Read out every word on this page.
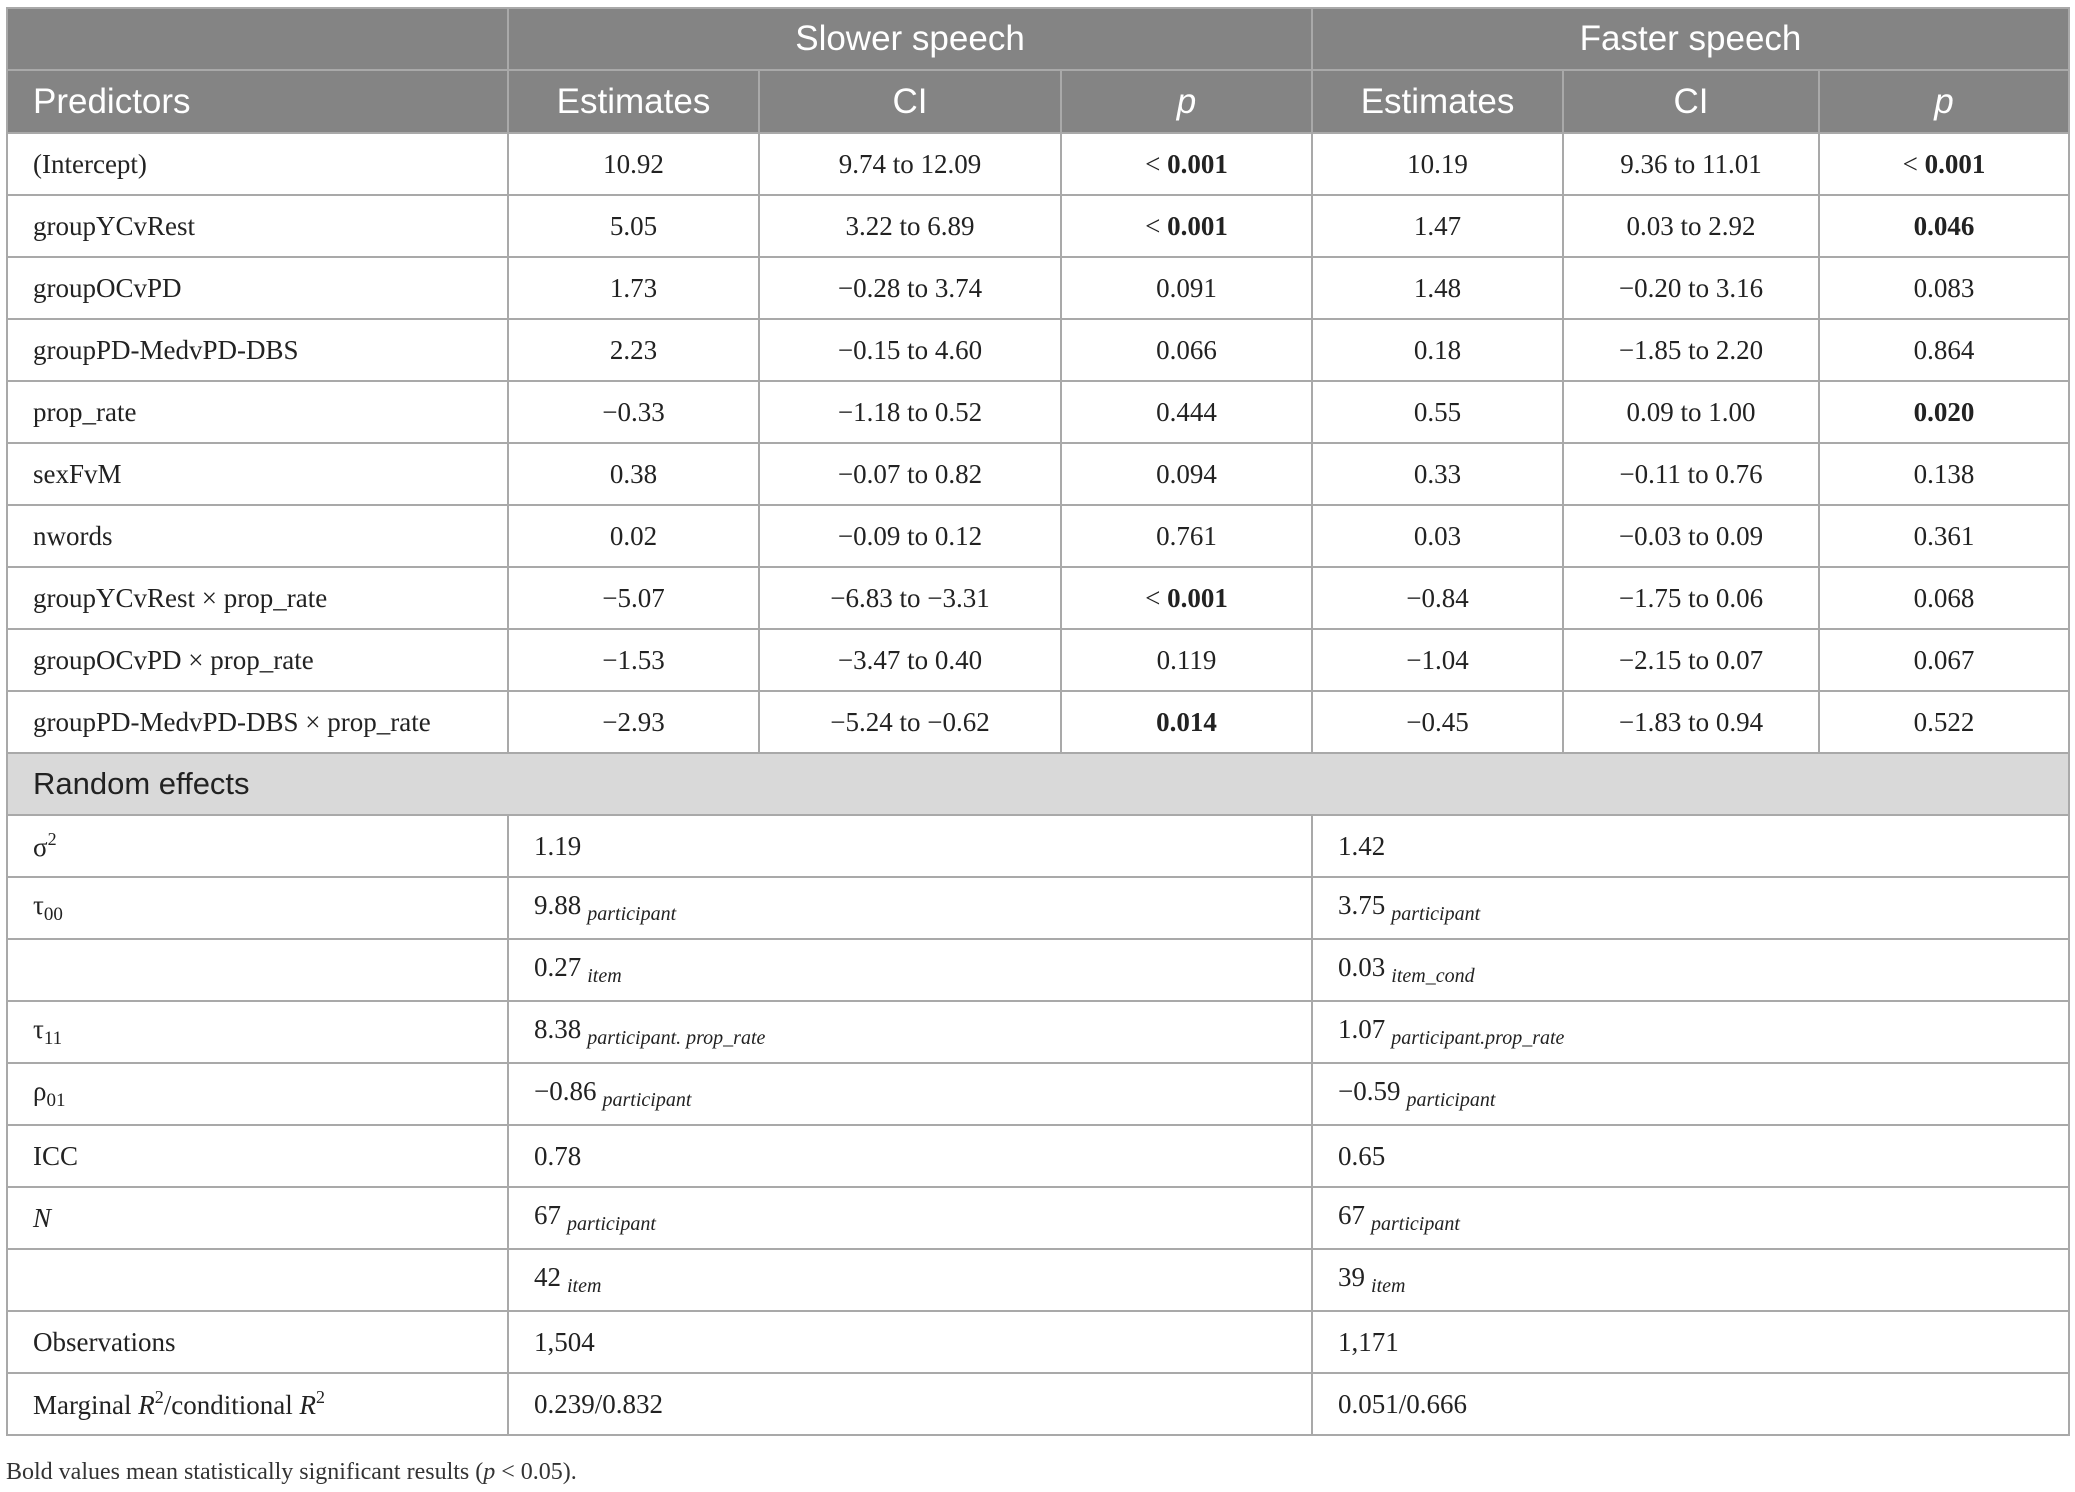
	Slower speech			Faster speech		
Predictors	Estimates	CI	p	Estimates	CI	p
(Intercept)	10.92	9.74 to 12.09	< 0.001	10.19	9.36 to 11.01	< 0.001
groupYCvRest	5.05	3.22 to 6.89	< 0.001	1.47	0.03 to 2.92	0.046
groupOCvPD	1.73	−0.28 to 3.74	0.091	1.48	−0.20 to 3.16	0.083
groupPD-MedvPD-DBS	2.23	−0.15 to 4.60	0.066	0.18	−1.85 to 2.20	0.864
prop_rate	−0.33	−1.18 to 0.52	0.444	0.55	0.09 to 1.00	0.020
sexFvM	0.38	−0.07 to 0.82	0.094	0.33	−0.11 to 0.76	0.138
nwords	0.02	−0.09 to 0.12	0.761	0.03	−0.03 to 0.09	0.361
groupYCvRest × prop_rate	−5.07	−6.83 to −3.31	< 0.001	−0.84	−1.75 to 0.06	0.068
groupOCvPD × prop_rate	−1.53	−3.47 to 0.40	0.119	−1.04	−2.15 to 0.07	0.067
groupPD-MedvPD-DBS × prop_rate	−2.93	−5.24 to −0.62	0.014	−0.45	−1.83 to 0.94	0.522
Random effects						
$\sigma^2$	1.19			1.42		
$\tau_{00}$	9.88 $_{participant}$			3.75 $_{participant}$
	0.27 $_{item}$			0.03 $_{item\_cond}$
$\tau_{11}$	8.38 $_{participant. prop\_rate}$			1.07 $_{participant.prop\_rate}$
$\rho_{01}$	−0.86 $_{participant}$			−0.59 $_{participant}$
ICC	0.78			0.65		
N	67 $_{participant}$			67 $_{participant}$
	42 $_{item}$			39 $_{item}$
Observations	1,504			1,171		
Marginal $R^2$/conditional $R^2$	0.239/0.832			0.051/0.666		
Bold values mean statistically significant results (p < 0.05).
